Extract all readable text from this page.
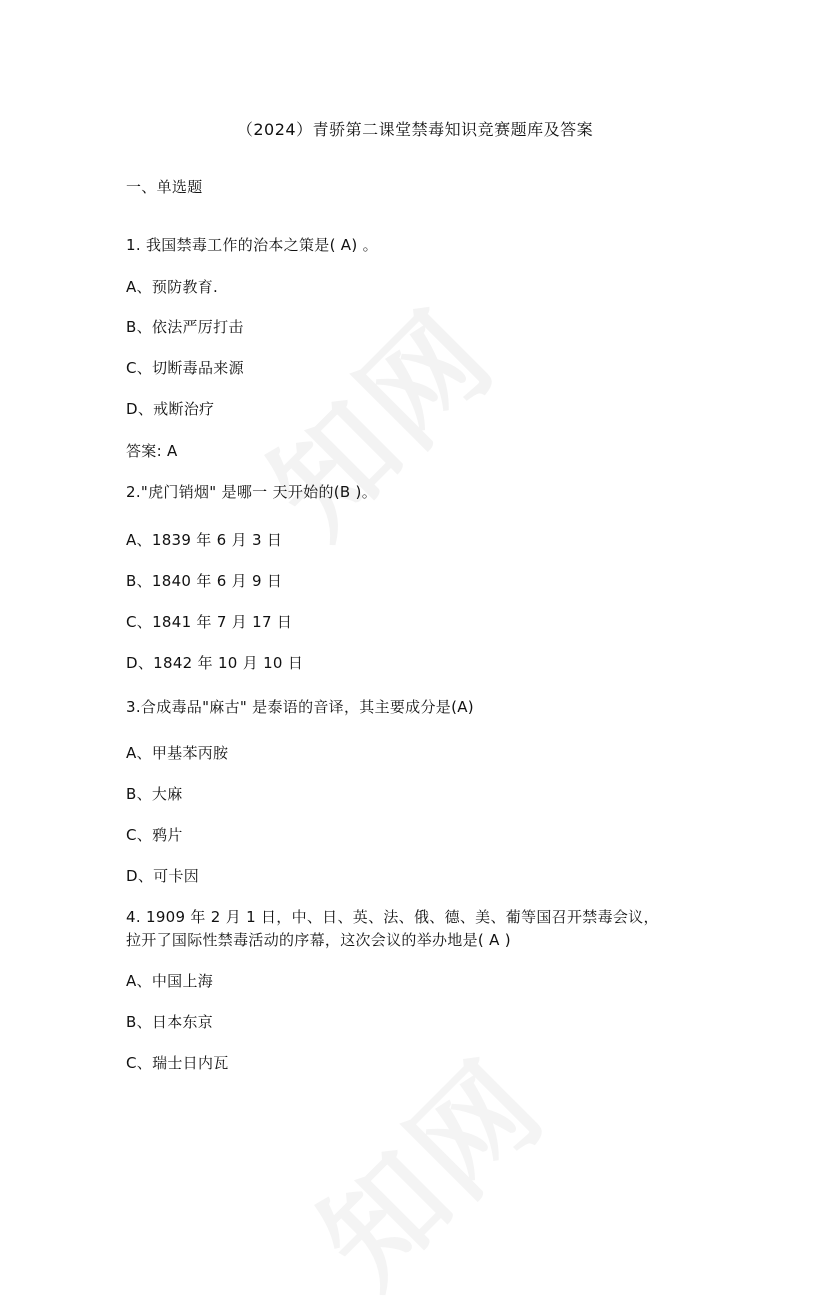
（2024）青骄第二课堂禁毒知识竞赛题库及答案
一、单选题
1. 我国禁毒工作的治本之策是( A) 。
A、预防教育.
B、依法严厉打击
C、切断毒品来源
D、戒断治疗
答案: A
2."虎门销烟" 是哪一 天开始的(B )。
A、1839 年 6 月 3 日
B、1840 年 6 月 9 日
C、1841 年 7 月 17 日
D、1842 年 10 月 10 日
3.合成毒品"麻古" 是泰语的音译，其主要成分是(A)
A、甲基苯丙胺
B、大麻
C、鸦片
D、可卡因
4. 1909 年 2 月 1 日，中、日、英、法、俄、德、美、葡等国召开禁毒会议，
拉开了国际性禁毒活动的序幕，这次会议的举办地是( A )
A、中国上海
B、日本东京
C、瑞士日内瓦
